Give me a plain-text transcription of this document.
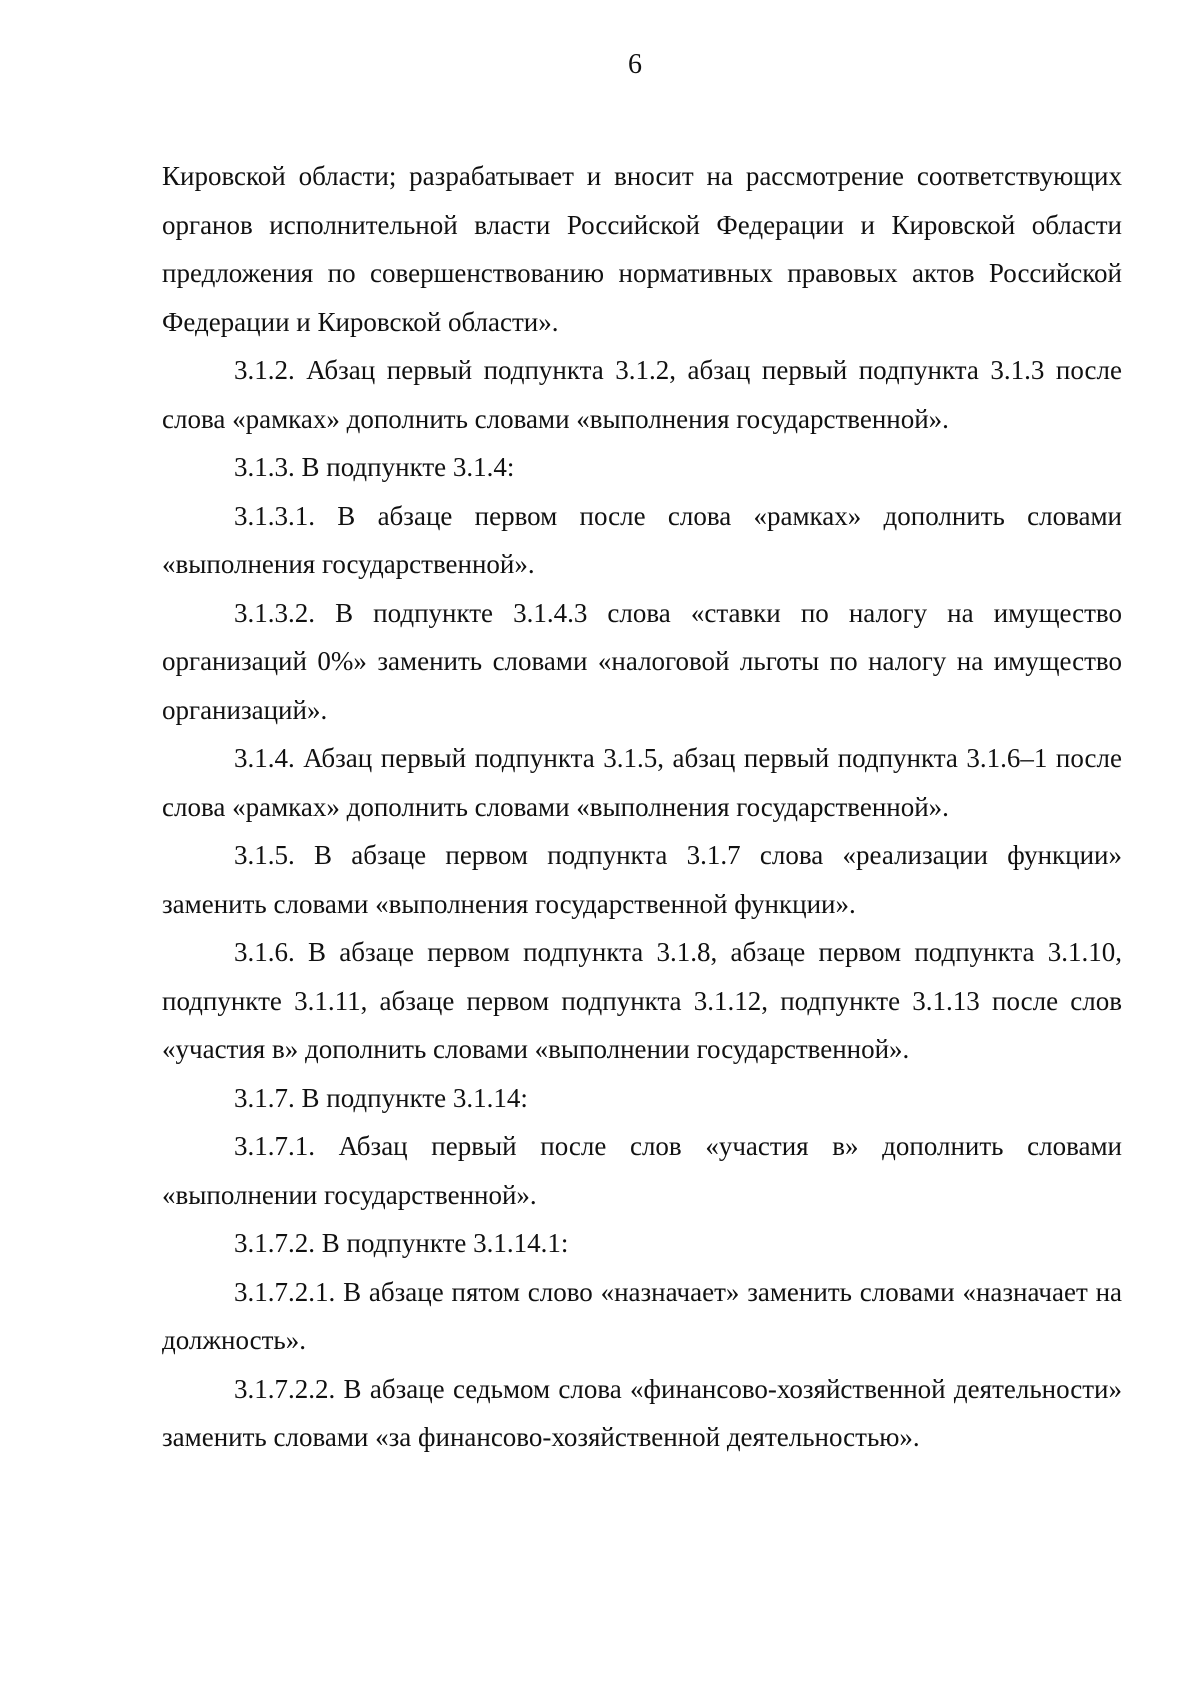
6

Кировской области; разрабатывает и вносит на рассмотрение соответствующих органов исполнительной власти Российской Федерации и Кировской области предложения по совершенствованию нормативных правовых актов Российской Федерации и Кировской области».

3.1.2. Абзац первый подпункта 3.1.2, абзац первый подпункта 3.1.3 после слова «рамках» дополнить словами «выполнения государственной».

3.1.3. В подпункте 3.1.4:

3.1.3.1. В абзаце первом после слова «рамках» дополнить словами «выполнения государственной».

3.1.3.2. В подпункте 3.1.4.3 слова «ставки по налогу на имущество организаций 0%» заменить словами «налоговой льготы по налогу на имущество организаций».

3.1.4. Абзац первый подпункта 3.1.5, абзац первый подпункта 3.1.6–1 после слова «рамках» дополнить словами «выполнения государственной».

3.1.5. В абзаце первом подпункта 3.1.7 слова «реализации функции» заменить словами «выполнения государственной функции».

3.1.6. В абзаце первом подпункта 3.1.8, абзаце первом подпункта 3.1.10, подпункте 3.1.11, абзаце первом подпункта 3.1.12, подпункте 3.1.13 после слов «участия в» дополнить словами «выполнении государственной».

3.1.7. В подпункте 3.1.14:

3.1.7.1. Абзац первый после слов «участия в» дополнить словами «выполнении государственной».

3.1.7.2. В подпункте 3.1.14.1:

3.1.7.2.1. В абзаце пятом слово «назначает» заменить словами «назначает на должность».

3.1.7.2.2. В абзаце седьмом слова «финансово-хозяйственной деятельности» заменить словами «за финансово-хозяйственной деятельностью».
